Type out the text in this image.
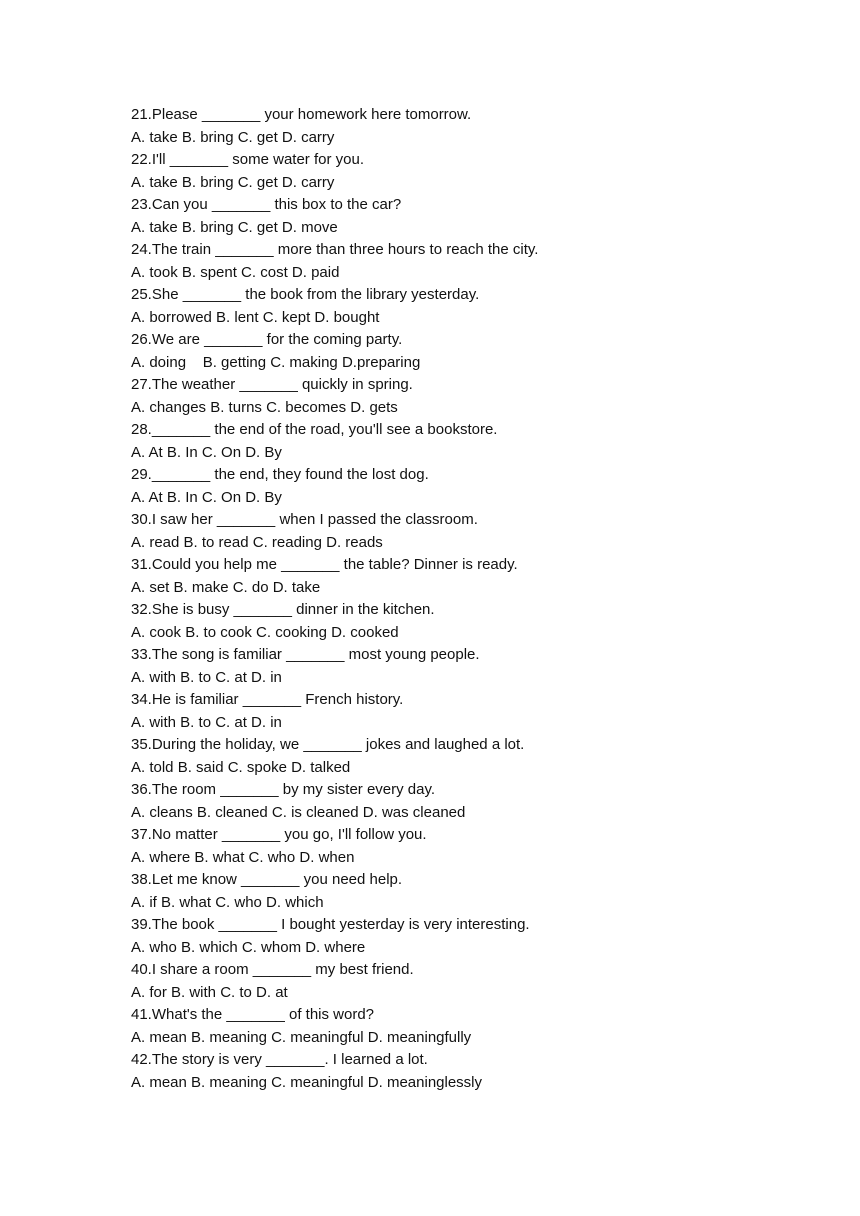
21.Please _______ your homework here tomorrow.
A. take B. bring C. get D. carry
22.I'll _______ some water for you.
A. take B. bring C. get D. carry
23.Can you _______ this box to the car?
A. take B. bring C. get D. move
24.The train _______ more than three hours to reach the city.
A. took B. spent C. cost D. paid
25.She _______ the book from the library yesterday.
A. borrowed B. lent C. kept D. bought
26.We are _______ for the coming party.
A. doing    B. getting C. making D.preparing
27.The weather _______ quickly in spring.
A. changes B. turns C. becomes D. gets
28._______ the end of the road, you'll see a bookstore.
A. At B. In C. On D. By
29._______ the end, they found the lost dog.
A. At B. In C. On D. By
30.I saw her _______ when I passed the classroom.
A. read B. to read C. reading D. reads
31.Could you help me _______ the table? Dinner is ready.
A. set B. make C. do D. take
32.She is busy _______ dinner in the kitchen.
A. cook B. to cook C. cooking D. cooked
33.The song is familiar _______ most young people.
A. with B. to C. at D. in
34.He is familiar _______ French history.
A. with B. to C. at D. in
35.During the holiday, we _______ jokes and laughed a lot.
A. told B. said C. spoke D. talked
36.The room _______ by my sister every day.
A. cleans B. cleaned C. is cleaned D. was cleaned
37.No matter _______ you go, I'll follow you.
A. where B. what C. who D. when
38.Let me know _______ you need help.
A. if B. what C. who D. which
39.The book _______ I bought yesterday is very interesting.
A. who B. which C. whom D. where
40.I share a room _______ my best friend.
A. for B. with C. to D. at
41.What's the _______ of this word?
A. mean B. meaning C. meaningful D. meaningfully
42.The story is very _______. I learned a lot.
A. mean B. meaning C. meaningful D. meaninglessly
